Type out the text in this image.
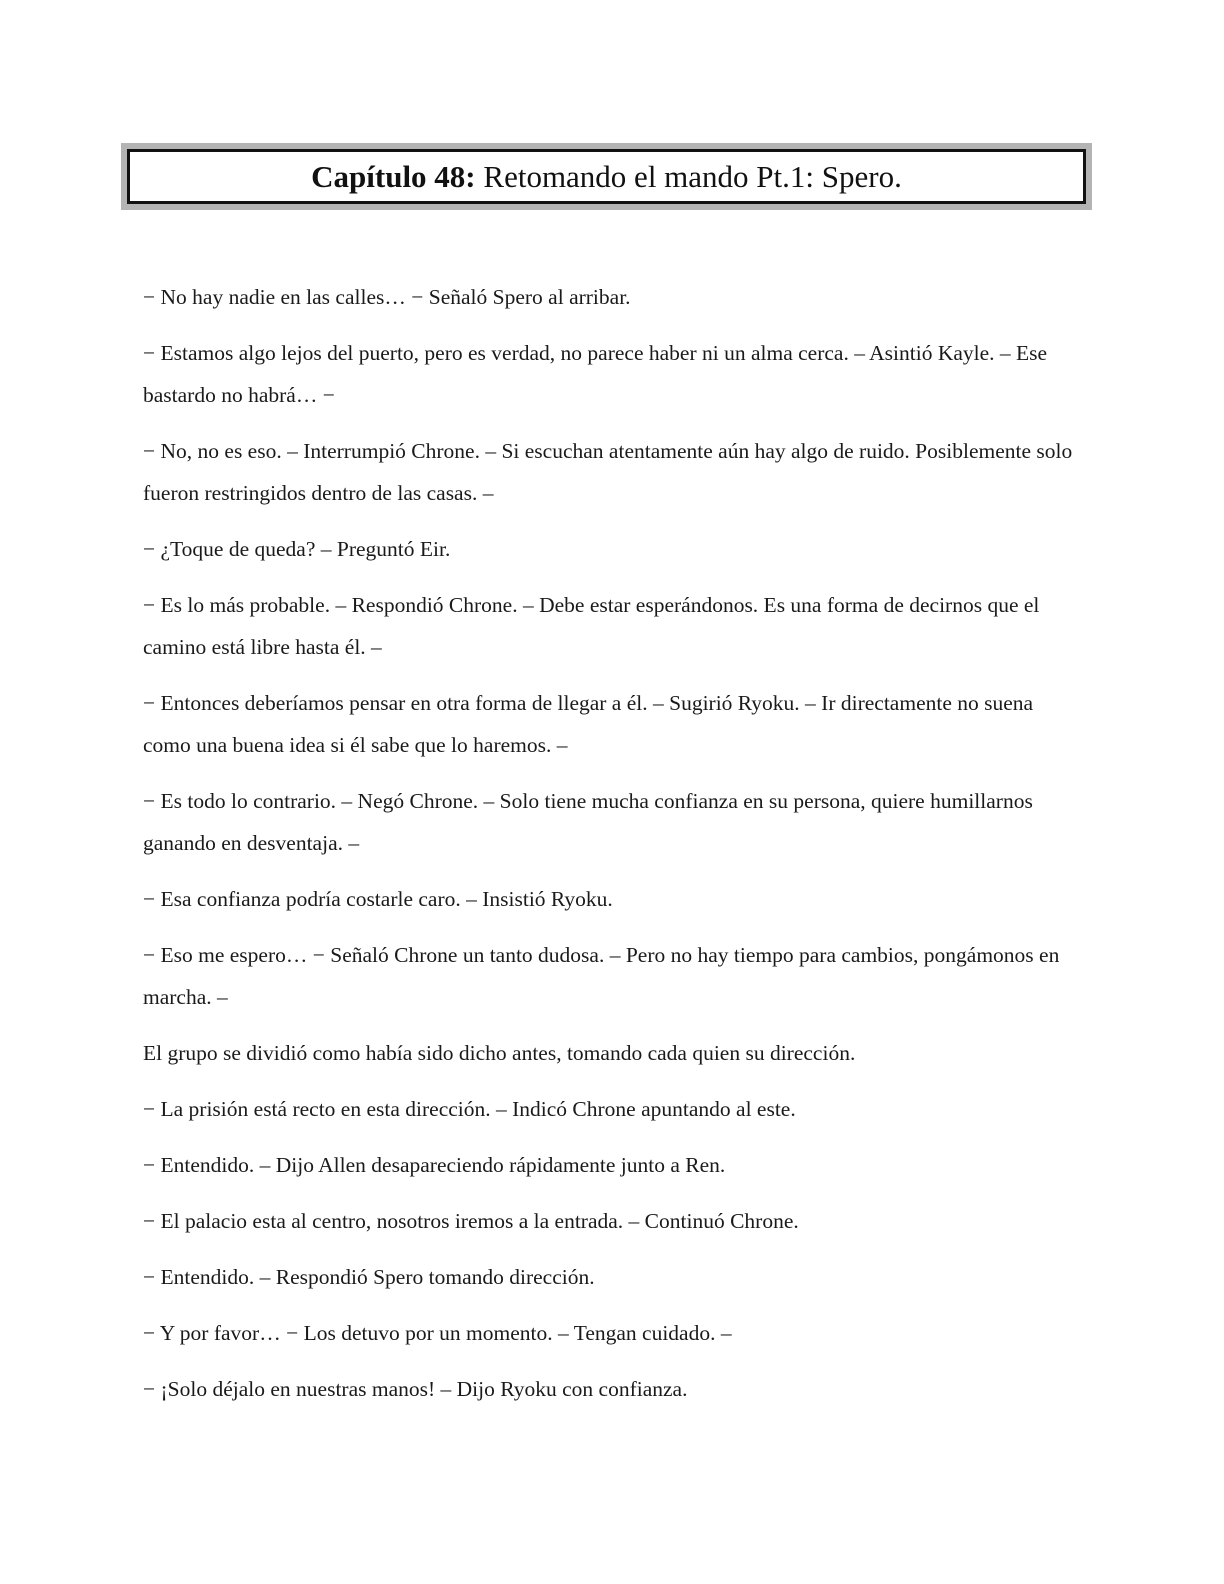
Capítulo 48: Retomando el mando Pt.1: Spero.

− No hay nadie en las calles… − Señaló Spero al arribar.

− Estamos algo lejos del puerto, pero es verdad, no parece haber ni un alma cerca. – Asintió Kayle. – Ese bastardo no habrá… −

− No, no es eso. – Interrumpió Chrone. – Si escuchan atentamente aún hay algo de ruido. Posiblemente solo fueron restringidos dentro de las casas. –

− ¿Toque de queda? – Preguntó Eir.

− Es lo más probable. – Respondió Chrone. – Debe estar esperándonos. Es una forma de decirnos que el camino está libre hasta él. –

− Entonces deberíamos pensar en otra forma de llegar a él. – Sugirió Ryoku. – Ir directamente no suena como una buena idea si él sabe que lo haremos. –

− Es todo lo contrario. – Negó Chrone. – Solo tiene mucha confianza en su persona, quiere humillarnos ganando en desventaja. –

− Esa confianza podría costarle caro. – Insistió Ryoku.

− Eso me espero… − Señaló Chrone un tanto dudosa. – Pero no hay tiempo para cambios, pongámonos en marcha. –

El grupo se dividió como había sido dicho antes, tomando cada quien su dirección.

− La prisión está recto en esta dirección. – Indicó Chrone apuntando al este.

− Entendido. – Dijo Allen desapareciendo rápidamente junto a Ren.

− El palacio esta al centro, nosotros iremos a la entrada. – Continuó Chrone.

− Entendido. – Respondió Spero tomando dirección.

− Y por favor… − Los detuvo por un momento. – Tengan cuidado. –

− ¡Solo déjalo en nuestras manos! – Dijo Ryoku con confianza.
